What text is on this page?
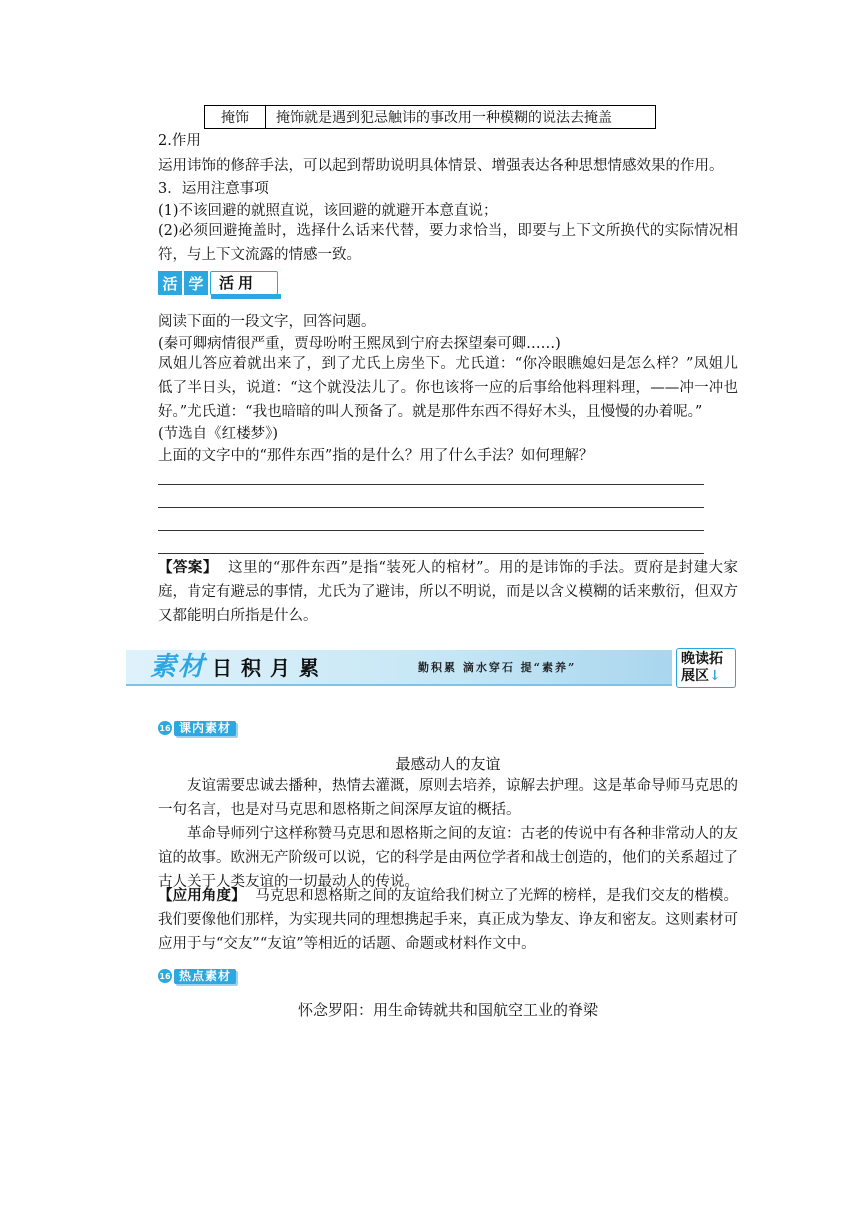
掩饰	掩饰就是遇到犯忌触讳的事改用一种模糊的说法去掩盖
2.作用
运用讳饰的修辞手法，可以起到帮助说明具体情景、增强表达各种思想情感效果的作用。
3．运用注意事项
(1)不该回避的就照直说，该回避的就避开本意直说；
(2)必须回避掩盖时，选择什么话来代替，要力求恰当，即要与上下文所换代的实际情况相符，与上下文流露的情感一致。
活 学	活用
阅读下面的一段文字，回答问题。
(秦可卿病情很严重，贾母吩咐王熙凤到宁府去探望秦可卿……)
凤姐儿答应着就出来了，到了尤氏上房坐下。尤氏道：“你冷眼瞧媳妇是怎么样？”凤姐儿低了半日头，说道：“这个就没法儿了。你也该将一应的后事给他料理料理，——冲一冲也好。”尤氏道：“我也暗暗的叫人预备了。就是那件东西不得好木头，且慢慢的办着呢。”
(节选自《红楼梦》)
上面的文字中的“那件东西”指的是什么？用了什么手法？如何理解？
【答案】 这里的“那件东西”是指“装死人的棺材”。用的是讳饰的手法。贾府是封建大家庭，肯定有避忌的事情，尤氏为了避讳，所以不明说，而是以含义模糊的话来敷衍，但双方又都能明白所指是什么。
素材 日积月累	勤积累 滴水穿石 提“素养”
晚读拓
展区↓
16 课内素材
最感动人的友谊
友谊需要忠诚去播种，热情去灌溉，原则去培养，谅解去护理。这是革命导师马克思的一句名言，也是对马克思和恩格斯之间深厚友谊的概括。
革命导师列宁这样称赞马克思和恩格斯之间的友谊：古老的传说中有各种非常动人的友谊的故事。欧洲无产阶级可以说，它的科学是由两位学者和战士创造的，他们的关系超过了古人关于人类友谊的一切最动人的传说。
【应用角度】 马克思和恩格斯之间的友谊给我们树立了光辉的榜样，是我们交友的楷模。我们要像他们那样，为实现共同的理想携起手来，真正成为挚友、诤友和密友。这则素材可应用于与“交友”“友谊”等相近的话题、命题或材料作文中。
16 热点素材
怀念罗阳：用生命铸就共和国航空工业的脊梁
